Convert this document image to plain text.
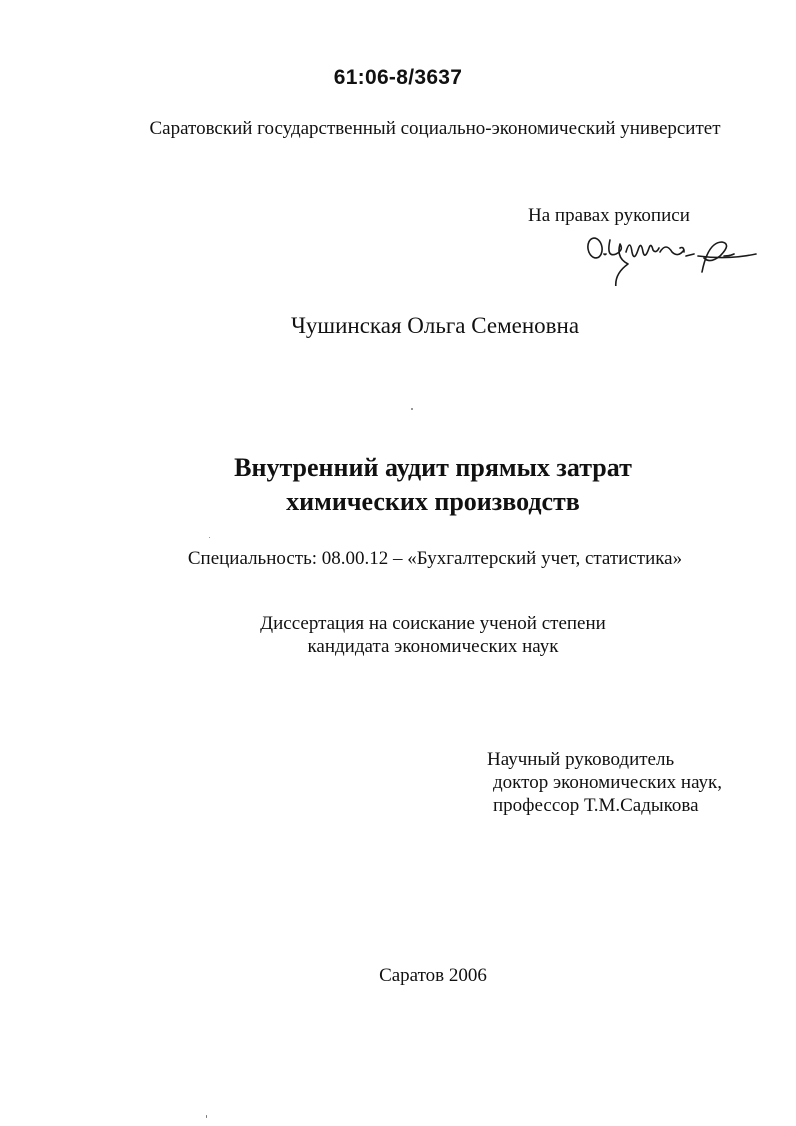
61:06-8/3637
Саратовский государственный социально-экономический университет
На правах рукописи
Чушинская Ольга Семеновна
Внутренний аудит прямых затрат
химических производств
Специальность: 08.00.12 – «Бухгалтерский учет, статистика»
Диссертация на соискание ученой степени
кандидата экономических наук
Научный руководитель
доктор экономических наук,
профессор Т.М.Садыкова
Саратов 2006
